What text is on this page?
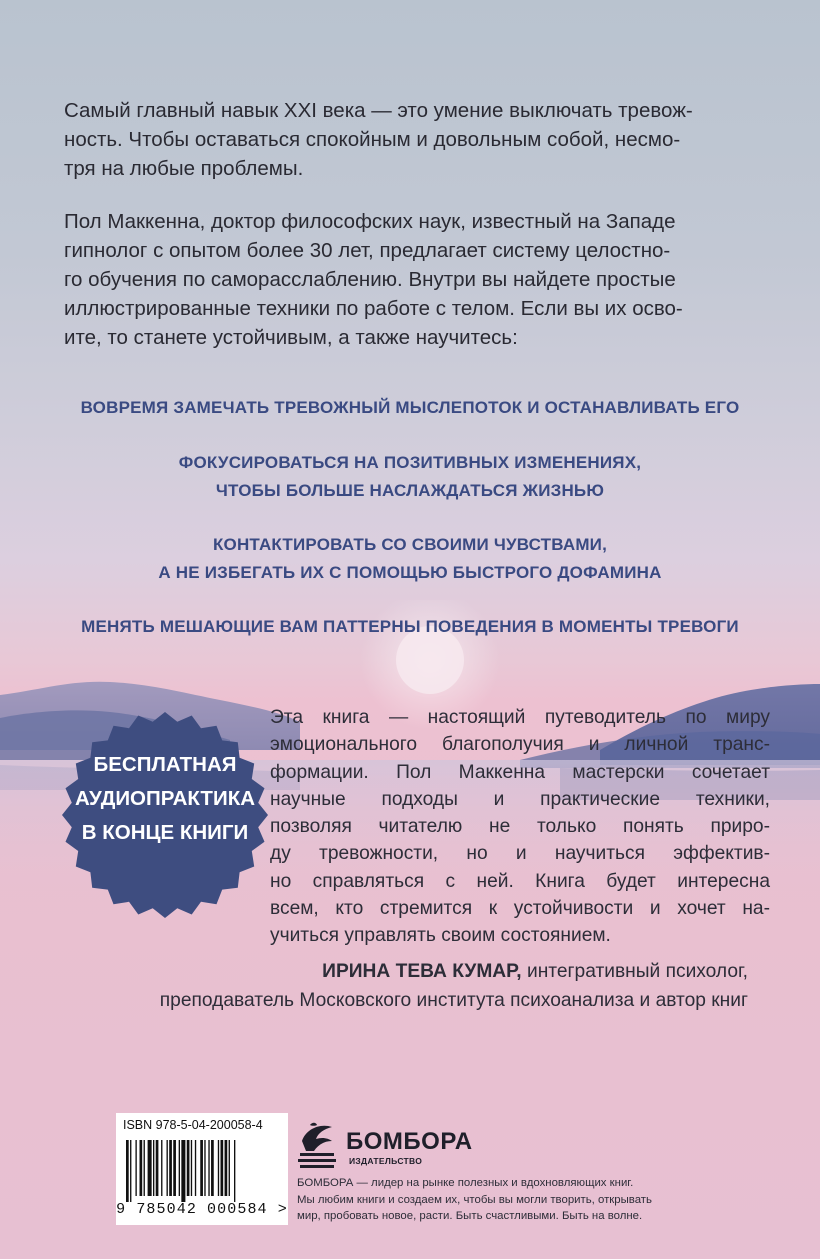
Самый главный навык XXI века — это умение выключать тревож-
ность. Чтобы оставаться спокойным и довольным собой, несмо-
тря на любые проблемы.

Пол Маккенна, доктор философских наук, известный на Западе
гипнолог с опытом более 30 лет, предлагает систему целостно-
го обучения по саморасслаблению. Внутри вы найдете простые
иллюстрированные техники по работе с телом. Если вы их осво-
ите, то станете устойчивым, а также научитесь:

ВОВРЕМЯ ЗАМЕЧАТЬ ТРЕВОЖНЫЙ МЫСЛЕПОТОК И ОСТАНАВЛИВАТЬ ЕГО
ФОКУСИРОВАТЬСЯ НА ПОЗИТИВНЫХ ИЗМЕНЕНИЯХ,
ЧТОБЫ БОЛЬШЕ НАСЛАЖДАТЬСЯ ЖИЗНЬЮ
КОНТАКТИРОВАТЬ СО СВОИМИ ЧУВСТВАМИ,
А НЕ ИЗБЕГАТЬ ИХ С ПОМОЩЬЮ БЫСТРОГО ДОФАМИНА
МЕНЯТЬ МЕШАЮЩИЕ ВАМ ПАТТЕРНЫ ПОВЕДЕНИЯ В МОМЕНТЫ ТРЕВОГИ
БЕСПЛАТНАЯ
АУДИОПРАКТИКА
В КОНЦЕ КНИГИ
Эта книга — настоящий путеводитель по миру
эмоционального благополучия и личной транс-
формации. Пол Маккенна мастерски сочетает
научные подходы и практические техники,
позволяя читателю не только понять приро-
ду тревожности, но и научиться эффектив-
но справляться с ней. Книга будет интересна
всем, кто стремится к устойчивости и хочет на-
учиться управлять своим состоянием.
ИРИНА ТЕВА КУМАР, интегративный психолог,
преподаватель Московского института психоанализа и автор книг
ISBN 978-5-04-200058-4
9 785042 000584 >
БОМБОРА
ИЗДАТЕЛЬСТВО
БОМБОРА — лидер на рынке полезных и вдохновляющих книг.
Мы любим книги и создаем их, чтобы вы могли творить, открывать
мир, пробовать новое, расти. Быть счастливыми. Быть на волне.
